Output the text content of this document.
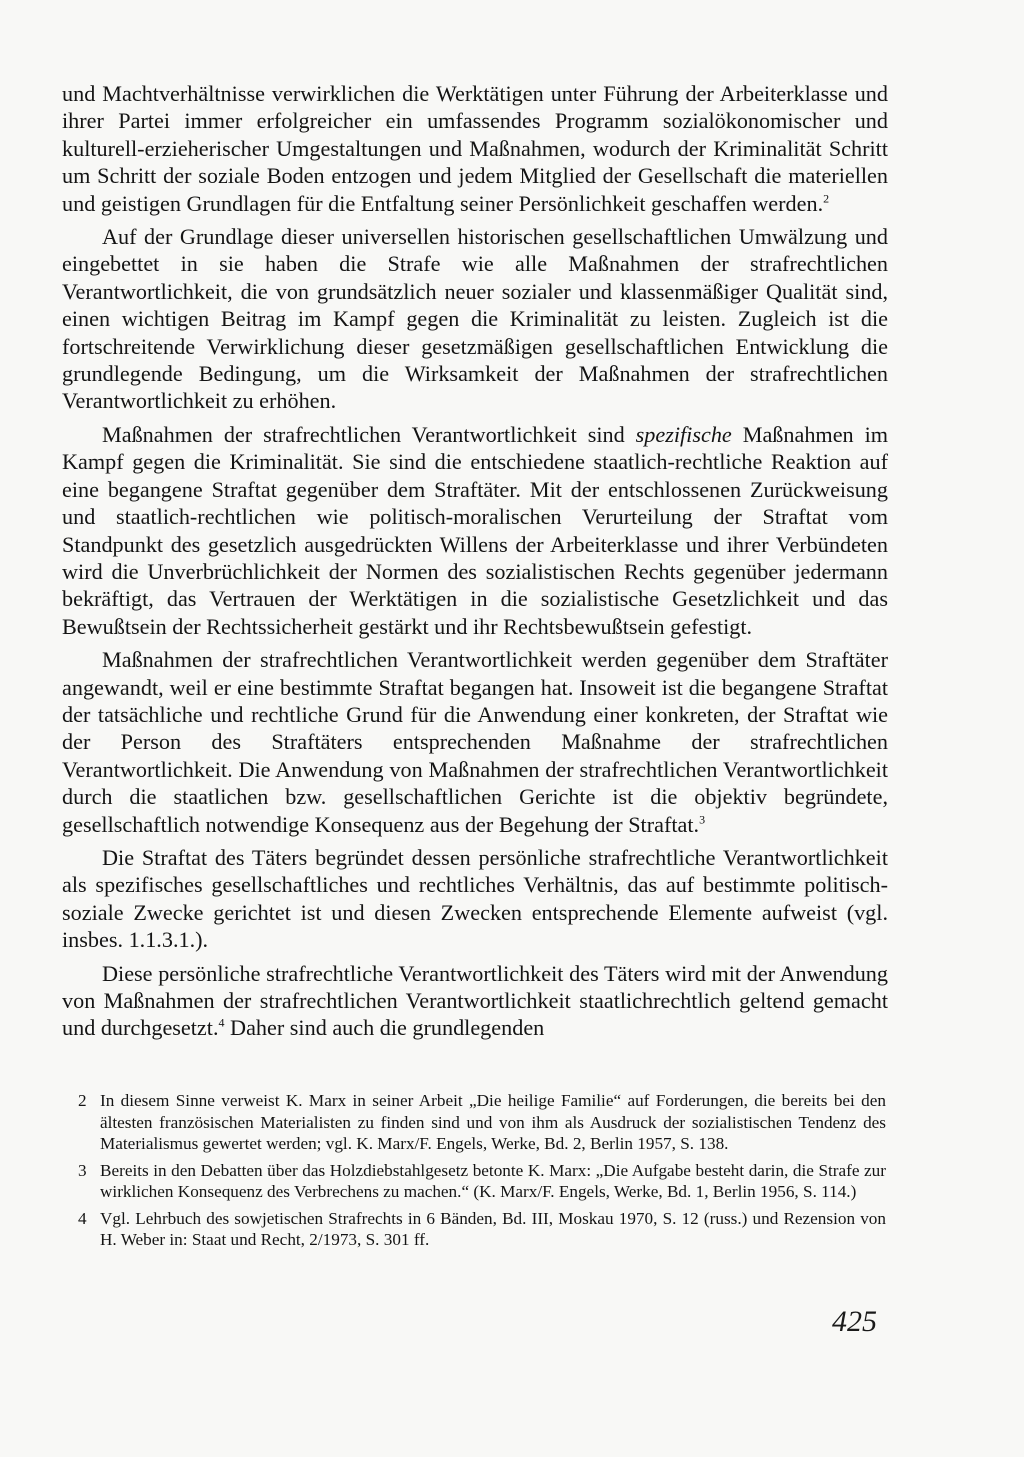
und Machtverhältnisse verwirklichen die Werktätigen unter Führung der Arbeiterklasse und ihrer Partei immer erfolgreicher ein umfassendes Programm sozialökonomischer und kulturell-erzieherischer Umgestaltungen und Maßnahmen, wodurch der Kriminalität Schritt um Schritt der soziale Boden entzogen und jedem Mitglied der Gesellschaft die materiellen und geistigen Grundlagen für die Entfaltung seiner Persönlichkeit geschaffen werden.$^2$

Auf der Grundlage dieser universellen historischen gesellschaftlichen Umwälzung und eingebettet in sie haben die Strafe wie alle Maßnahmen der strafrechtlichen Verantwortlichkeit, die von grundsätzlich neuer sozialer und klassenmäßiger Qualität sind, einen wichtigen Beitrag im Kampf gegen die Kriminalität zu leisten. Zugleich ist die fortschreitende Verwirklichung dieser gesetzmäßigen gesellschaftlichen Entwicklung die grundlegende Bedingung, um die Wirksamkeit der Maßnahmen der strafrechtlichen Verantwortlichkeit zu erhöhen.

Maßnahmen der strafrechtlichen Verantwortlichkeit sind spezifische Maßnahmen im Kampf gegen die Kriminalität. Sie sind die entschiedene staatlich-rechtliche Reaktion auf eine begangene Straftat gegenüber dem Straftäter. Mit der entschlossenen Zurückweisung und staatlich-rechtlichen wie politisch-moralischen Verurteilung der Straftat vom Standpunkt des gesetzlich ausgedrückten Willens der Arbeiterklasse und ihrer Verbündeten wird die Unverbrüchlichkeit der Normen des sozialistischen Rechts gegenüber jedermann bekräftigt, das Vertrauen der Werktätigen in die sozialistische Gesetzlichkeit und das Bewußtsein der Rechtssicherheit gestärkt und ihr Rechtsbewußtsein gefestigt.

Maßnahmen der strafrechtlichen Verantwortlichkeit werden gegenüber dem Straftäter angewandt, weil er eine bestimmte Straftat begangen hat. Insoweit ist die begangene Straftat der tatsächliche und rechtliche Grund für die Anwendung einer konkreten, der Straftat wie der Person des Straftäters entsprechenden Maßnahme der strafrechtlichen Verantwortlichkeit. Die Anwendung von Maßnahmen der strafrechtlichen Verantwortlichkeit durch die staatlichen bzw. gesellschaftlichen Gerichte ist die objektiv begründete, gesellschaftlich notwendige Konsequenz aus der Begehung der Straftat.$^3$

Die Straftat des Täters begründet dessen persönliche strafrechtliche Verantwortlichkeit als spezifisches gesellschaftliches und rechtliches Verhältnis, das auf bestimmte politisch-soziale Zwecke gerichtet ist und diesen Zwecken entsprechende Elemente aufweist (vgl. insbes. 1.1.3.1.).

Diese persönliche strafrechtliche Verantwortlichkeit des Täters wird mit der Anwendung von Maßnahmen der strafrechtlichen Verantwortlichkeit staatlichrechtlich geltend gemacht und durchgesetzt.$^4$ Daher sind auch die grundlegenden

2 In diesem Sinne verweist K. Marx in seiner Arbeit „Die heilige Familie“ auf Forderungen, die bereits bei den ältesten französischen Materialisten zu finden sind und von ihm als Ausdruck der sozialistischen Tendenz des Materialismus gewertet werden; vgl. K. Marx/F. Engels, Werke, Bd. 2, Berlin 1957, S. 138.
3 Bereits in den Debatten über das Holzdiebstahlgesetz betonte K. Marx: „Die Aufgabe besteht darin, die Strafe zur wirklichen Konsequenz des Verbrechens zu machen.“ (K. Marx/F. Engels, Werke, Bd. 1, Berlin 1956, S. 114.)
4 Vgl. Lehrbuch des sowjetischen Strafrechts in 6 Bänden, Bd. III, Moskau 1970, S. 12 (russ.) und Rezension von H. Weber in: Staat und Recht, 2/1973, S. 301 ff.
425
